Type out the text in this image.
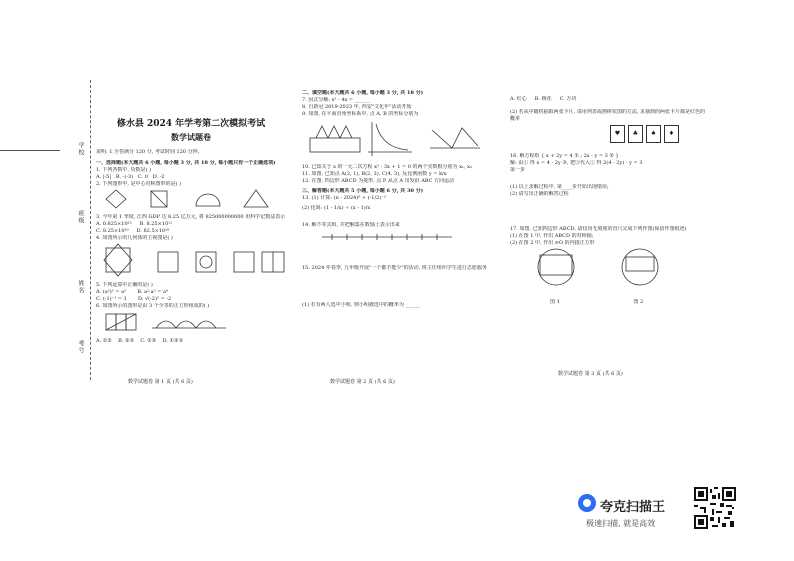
学校
班级
姓名
考号
修水县 2024 年学考第二次模拟考试
数学试题卷
说明: 1.全卷满分 120 分, 考试时间 120 分钟。
一、选择题(本大题共 6 小题, 每小题 3 分, 共 18 分, 每小题只有一个正确选项)
1. 下列各数中, 负数是( )
A. |-5| B. -(-3) C. 0 D. -2
2. 下列图形中, 是中心对称图形的是( )
3. 今年第 1 季度, 江西 GDP 达 8.25 亿万元, 将 825000000000 用科学记数法表示
A. 0.825×10¹² B. 8.25×10¹¹
C. 8.25×10¹⁰ D. 82.5×10¹⁰
4. 如图所示的几何体的主视图是( )
5. 下列运算中正确的是( )
A. (a²)³ = a⁵ B. a²·a³ = a⁶
C. (-1)⁻¹ = 1 D. √(-2)² = -2
6. 如图所示的图形是由 3 个全等的正方形组成的( )
A. ①② B. ②③ C. ①③ D. ①②③
数学试题卷 第 1 页 (共 6 页)
二、填空题(本大题共 6 小题, 每小题 3 分, 共 18 分)
7. 因式分解: x² - 4x = ______
8. 自新冠 2019-2023 年, 西安"文化年"活动开始
9. 如图, 在平面直角坐标系中, 点 A, B 的坐标分别为
10. 已知关于 x 的一元二次方程 x² - 3x + 1 = 0 的两个实数根分别为 x₁, x₂
11. 如图, 已知点 A(2, 1), B(2, 3), C(4, 3), 反比例函数 y = k/x
12. 在图, 四边形 ABCD 为菱形, 点 P 从点 A 出发沿 ABC 方向运动
三、解答题(本大题共 5 小题, 每小题 6 分, 共 30 分)
13. (1) 计算: (π - 2024)⁰ + (-1/2)⁻²
(2) 化简: (1 - 1/x) ÷ (x - 1)/x
14. 解不等式组, 并把解集在数轴上表示出来
15. 2024 年春季, 九年级开展"一个都不能少"的活动, 班主任组织学生进行志愿服务
(1) 若有两人选中小明, 则小明被选中的概率为 ______
数学试题卷 第 2 页 (共 6 页)
A. 红心 B. 梅花 C. 方块
(2) 若从中随机抽取两张卡片, 请用列表或画树状图的方法, 求抽到的两张卡片都是红色的概率
♥	♣	♠	♦
16. 解方程组 { x + 2y = 4 ① ; 2x - y = 3 ② }
解: 由① 得 x = 4 - 2y ③, 把③代入② 得 2(4 - 2y) - y = 3
第一步
(1) 以上求解过程中, 第____步开始出现错误;
(2) 请写出正确的解答过程
17. 如图, 已知四边形 ABCD, 请仅用无刻度的直尺完成下列作图(保留作图痕迹)
(1) 在图 1 中, 作出 ABCD 的对称轴;
(2) 在图 2 中, 作出 ⊙O 的内接正方形
图 1	图 2
数学试题卷 第 3 页 (共 6 页)
夸克扫描王
极速扫描, 就是高效
